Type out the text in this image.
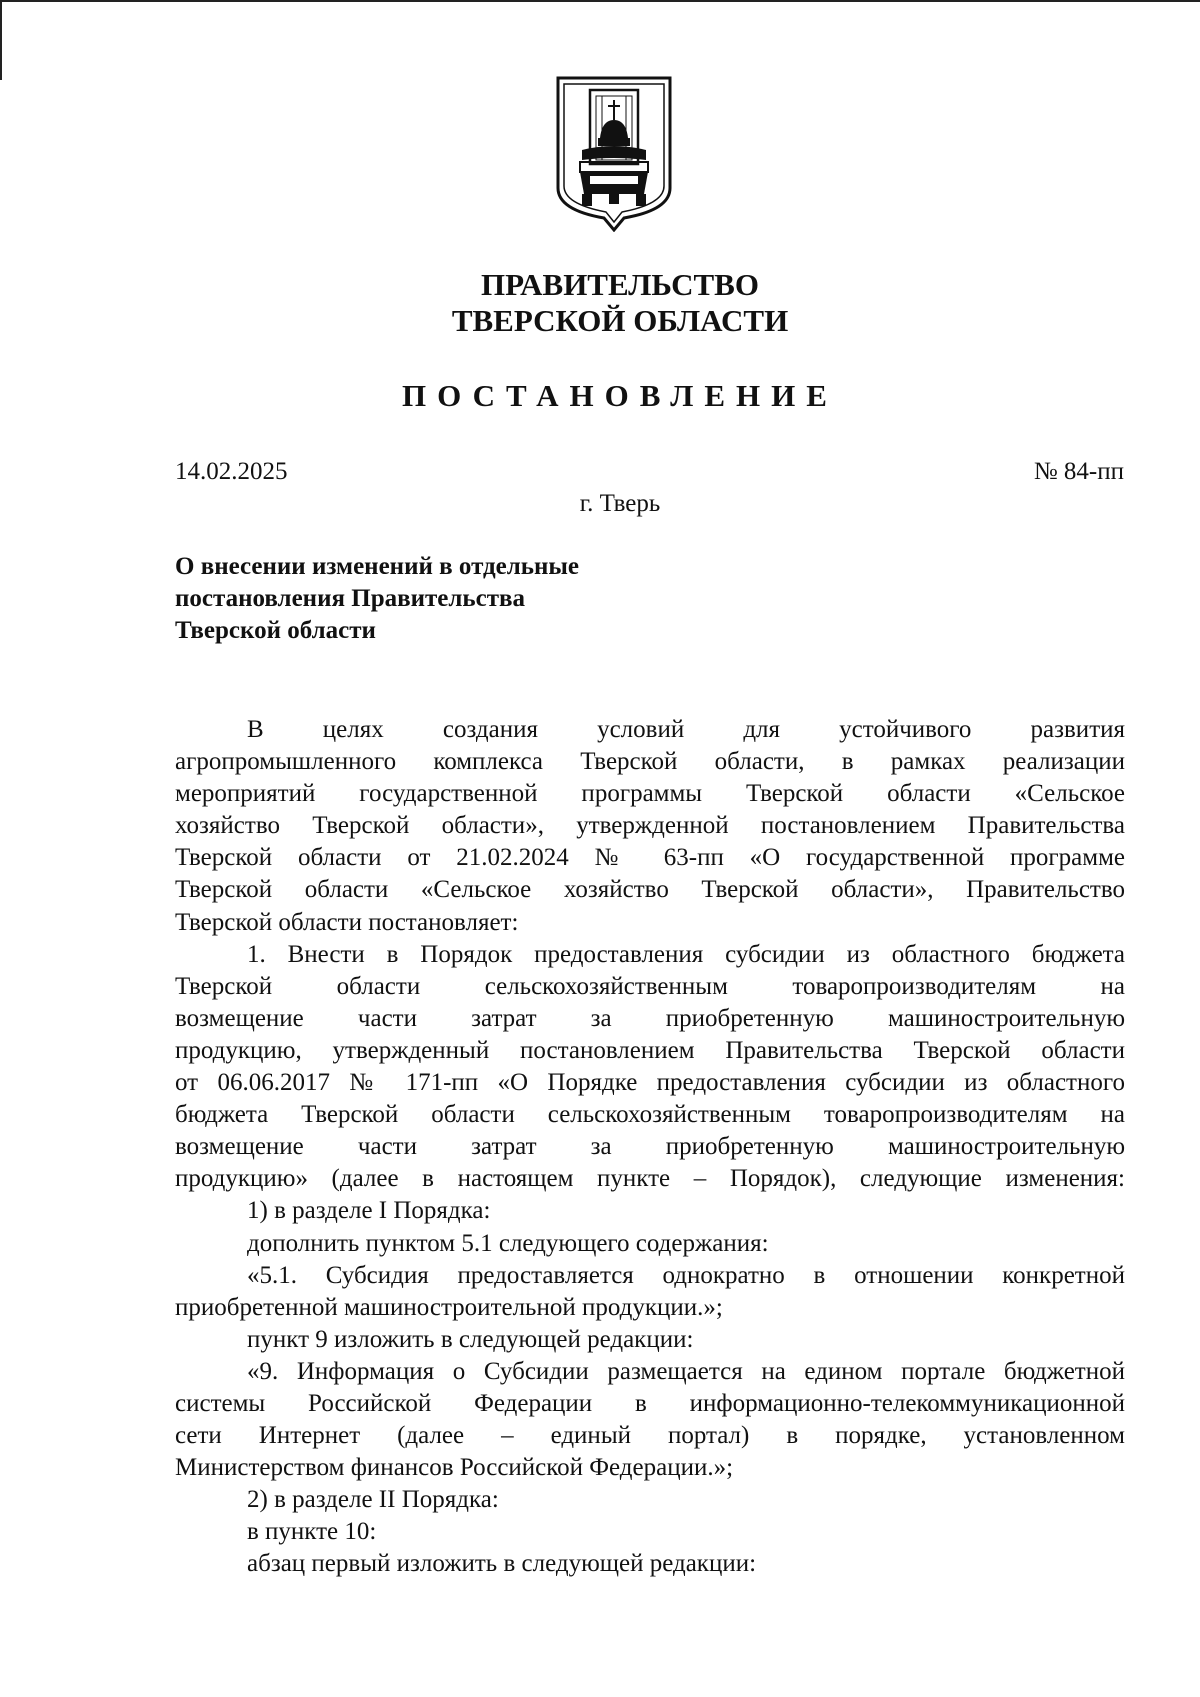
ПРАВИТЕЛЬСТВО
ТВЕРСКОЙ ОБЛАСТИ
ПОСТАНОВЛЕНИЕ
14.02.2025	№ 84-пп
г. Тверь
О внесении изменений в отдельные
постановления Правительства
Тверской области

В целях создания условий для устойчивого развития

агропромышленного комплекса Тверской области, в рамках реализации

мероприятий государственной программы Тверской области «Сельское

хозяйство Тверской области», утвержденной постановлением Правительства

Тверской области от 21.02.2024 № 63-пп «О государственной программе

Тверской области «Сельское хозяйство Тверской области», Правительство

Тверской области постановляет:

1. Внести в Порядок предоставления субсидии из областного бюджета

Тверской области сельскохозяйственным товаропроизводителям на

возмещение части затрат за приобретенную машиностроительную

продукцию, утвержденный постановлением Правительства Тверской области

от 06.06.2017 № 171-пп «О Порядке предоставления субсидии из областного

бюджета Тверской области сельскохозяйственным товаропроизводителям на

возмещение части затрат за приобретенную машиностроительную

продукцию» (далее в настоящем пункте – Порядок), следующие изменения:

1) в разделе I Порядка:

дополнить пунктом 5.1 следующего содержания:

«5.1. Субсидия предоставляется однократно в отношении конкретной

приобретенной машиностроительной продукции.»;

пункт 9 изложить в следующей редакции:

«9. Информация о Субсидии размещается на едином портале бюджетной

системы Российской Федерации в информационно-телекоммуникационной

сети Интернет (далее – единый портал) в порядке, установленном

Министерством финансов Российской Федерации.»;

2) в разделе II Порядка:

в пункте 10:

абзац первый изложить в следующей редакции:
